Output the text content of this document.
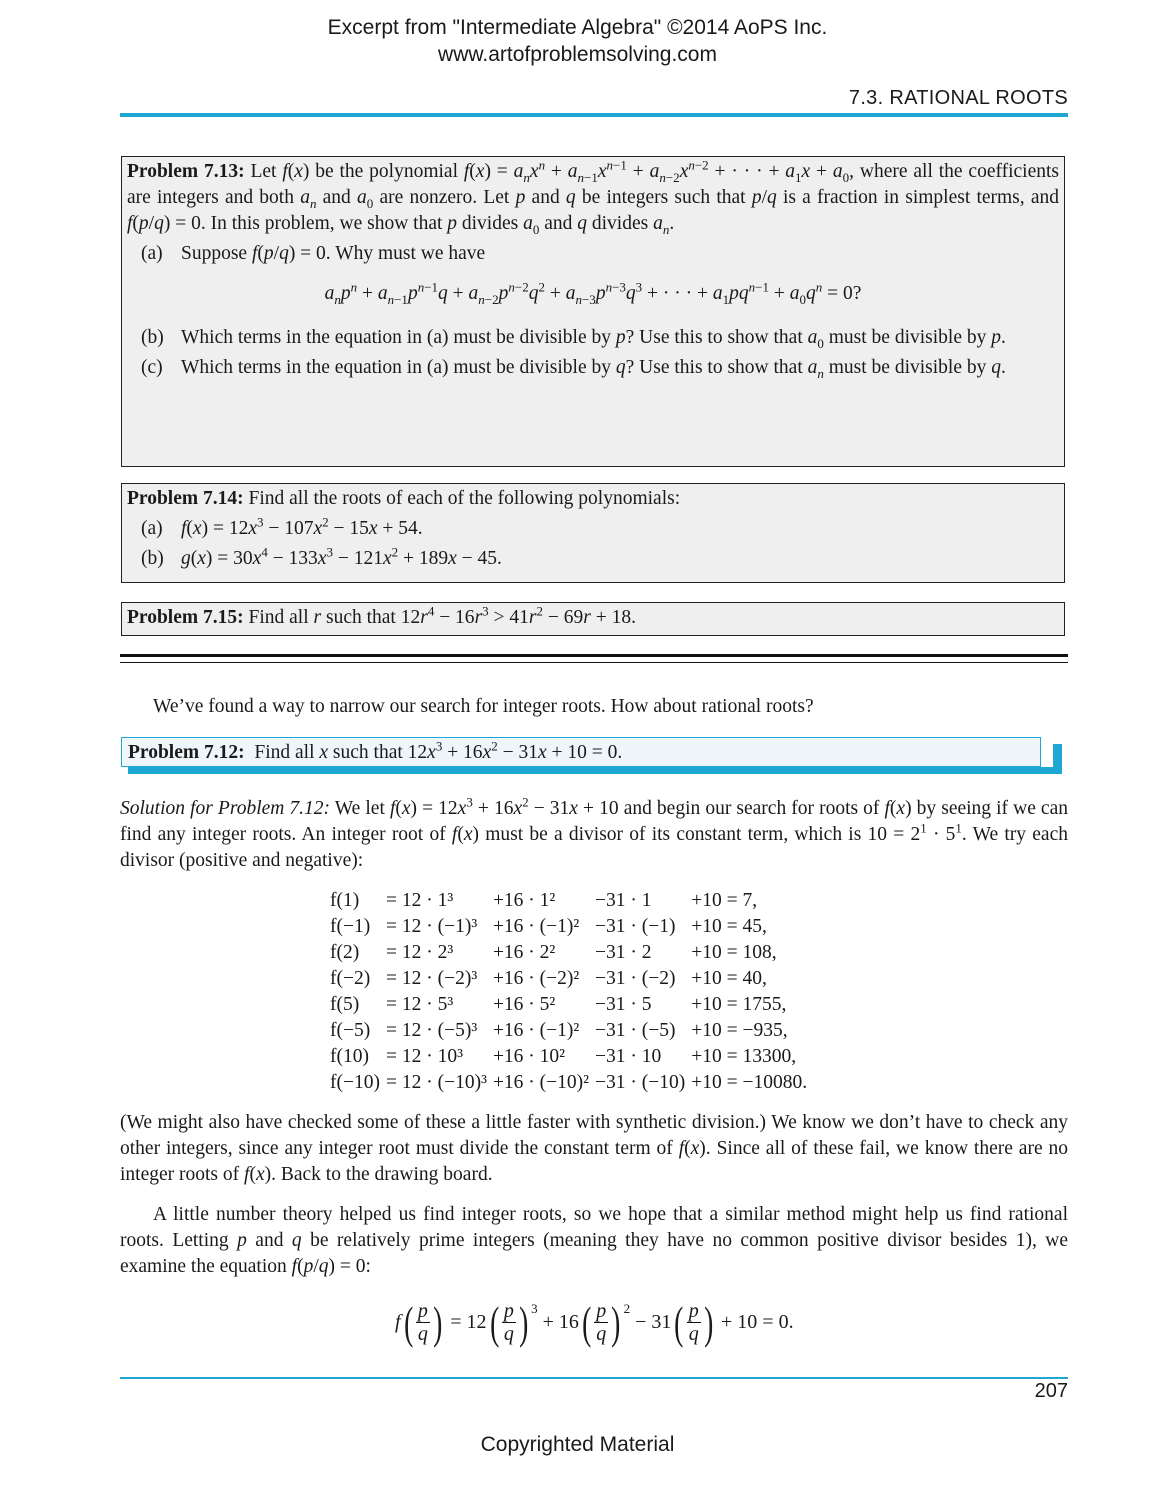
Excerpt from "Intermediate Algebra" ©2014 AoPS Inc.
www.artofproblemsolving.com
7.3. RATIONAL ROOTS
Problem 7.13: Let f(x) be the polynomial $f(x) = a_nx^n + a_{n-1}x^{n-1} + a_{n-2}x^{n-2}$ + · · · + $a_1x + a_0$, where all the coefficients are integers and both $a_n$ and $a_0$ are nonzero. Let p and q be integers such that p/q is a fraction in simplest terms, and f(p/q) = 0. In this problem, we show that p divides $a_0$ and q divides $a_n$.
(a) Suppose f(p/q) = 0. Why must we have
$a_np^n + a_{n-1}p^{n-1}q + a_{n-2}p^{n-2}q^2 + a_{n-3}p^{n-3}q^3$ + · · · + $a_1pq^{n-1} + a_0q^n = 0$?
(b) Which terms in the equation in (a) must be divisible by p? Use this to show that $a_0$ must be divisible by p.
(c) Which terms in the equation in (a) must be divisible by q? Use this to show that $a_n$ must be divisible by q.
Problem 7.14: Find all the roots of each of the following polynomials:
(a) $f(x) = 12x^3 - 107x^2 - 15x + 54$.
(b) $g(x) = 30x^4 - 133x^3 - 121x^2 + 189x - 45$.
Problem 7.15: Find all r such that $12r^4 - 16r^3 > 41r^2 - 69r + 18$.
We’ve found a way to narrow our search for integer roots. How about rational roots?
Problem 7.12:  Find all x such that $12x^3 + 16x^2 - 31x + 10 = 0$.
Solution for Problem 7.12: We let $f(x) = 12x^3 + 16x^2 - 31x + 10$ and begin our search for roots of f(x) by seeing if we can find any integer roots. An integer root of f(x) must be a divisor of its constant term, which is $10 = 2^1 \cdot 5^1$. We try each divisor (positive and negative):
f(1)	= 12 · 1³	+16 · 1²	−31 · 1	+10 = 7,
f(−1)	= 12 · (−1)³	+16 · (−1)²	−31 · (−1)	+10 = 45,
f(2)	= 12 · 2³	+16 · 2²	−31 · 2	+10 = 108,
f(−2)	= 12 · (−2)³	+16 · (−2)²	−31 · (−2)	+10 = 40,
f(5)	= 12 · 5³	+16 · 5²	−31 · 5	+10 = 1755,
f(−5)	= 12 · (−5)³	+16 · (−1)²	−31 · (−5)	+10 = −935,
f(10)	= 12 · 10³	+16 · 10²	−31 · 10	+10 = 13300,
f(−10)	= 12 · (−10)³	+16 · (−10)²	−31 · (−10)	+10 = −10080.
(We might also have checked some of these a little faster with synthetic division.) We know we don’t have to check any other integers, since any integer root must divide the constant term of f(x). Since all of these fail, we know there are no integer roots of f(x). Back to the drawing board.
A little number theory helped us find integer roots, so we hope that a similar method might help us find rational roots. Letting p and q be relatively prime integers (meaning they have no common positive divisor besides 1), we examine the equation f(p/q) = 0:
f ( $\frac{p}{q}$ ) = 12 ( $\frac{p}{q} )^3$
+ 16 ( $\frac{p}{q} )^2$
− 31 ( $\frac{p}{q}$ ) + 10 = 0.
207
Copyrighted Material
